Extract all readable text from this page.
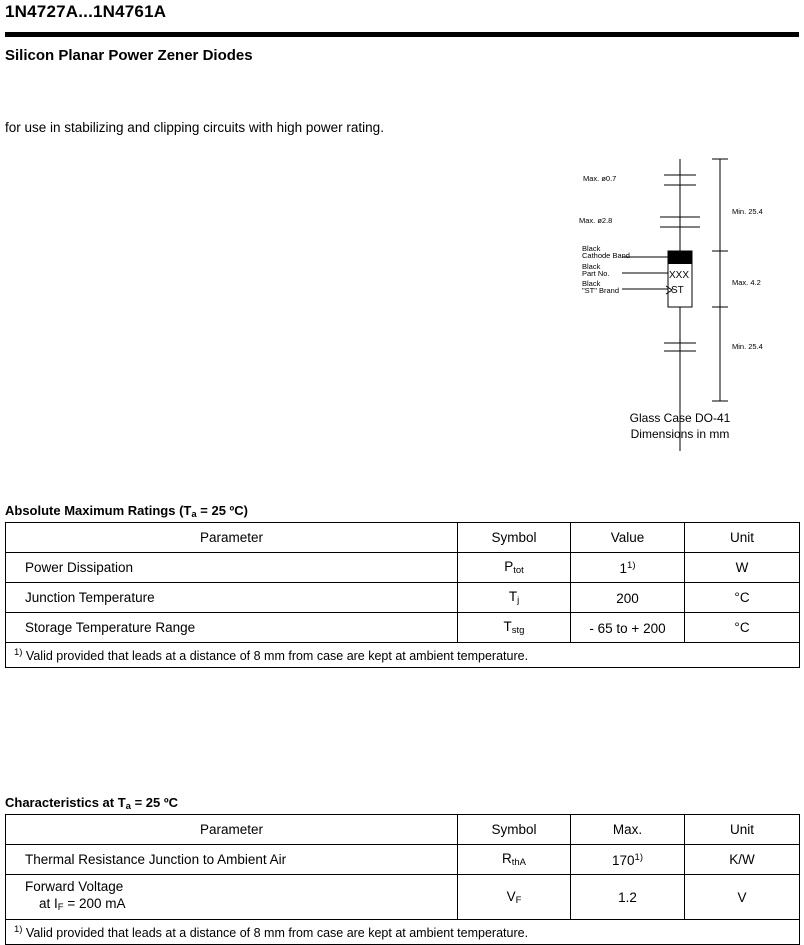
1N4727A...1N4761A
Silicon Planar Power Zener Diodes
for use in stabilizing and clipping circuits with high power rating.
Max. ø0.7
Max. ø2.8
Min. 25.4
Max. 4.2
Min. 25.4
Black
Cathode Band
Black
Part No.
Black
"ST" Brand
XXX
ST
Glass Case DO-41
Dimensions in mm
Absolute Maximum Ratings ($T_a = 25$ ºC)
Parameter	Symbol	Value	Unit
Power Dissipation	$P_{tot}$	1$^{1)}$	W
Junction Temperature	$T_j$	200	°C
Storage Temperature Range	$T_{stg}$	- 65 to + 200	°C
$^{1)}$ Valid provided that leads at a distance of 8 mm from case are kept at ambient temperature.			
Characteristics at $T_a = 25$ ºC
Parameter	Symbol	Max.	Unit
Thermal Resistance Junction to Ambient Air	$R_{thA}$	170$^{1)}$	K/W

Forward Voltage
at $I_F = 200$ mA	$V_F$	1.2	V
$^{1)}$ Valid provided that leads at a distance of 8 mm from case are kept at ambient temperature.			
